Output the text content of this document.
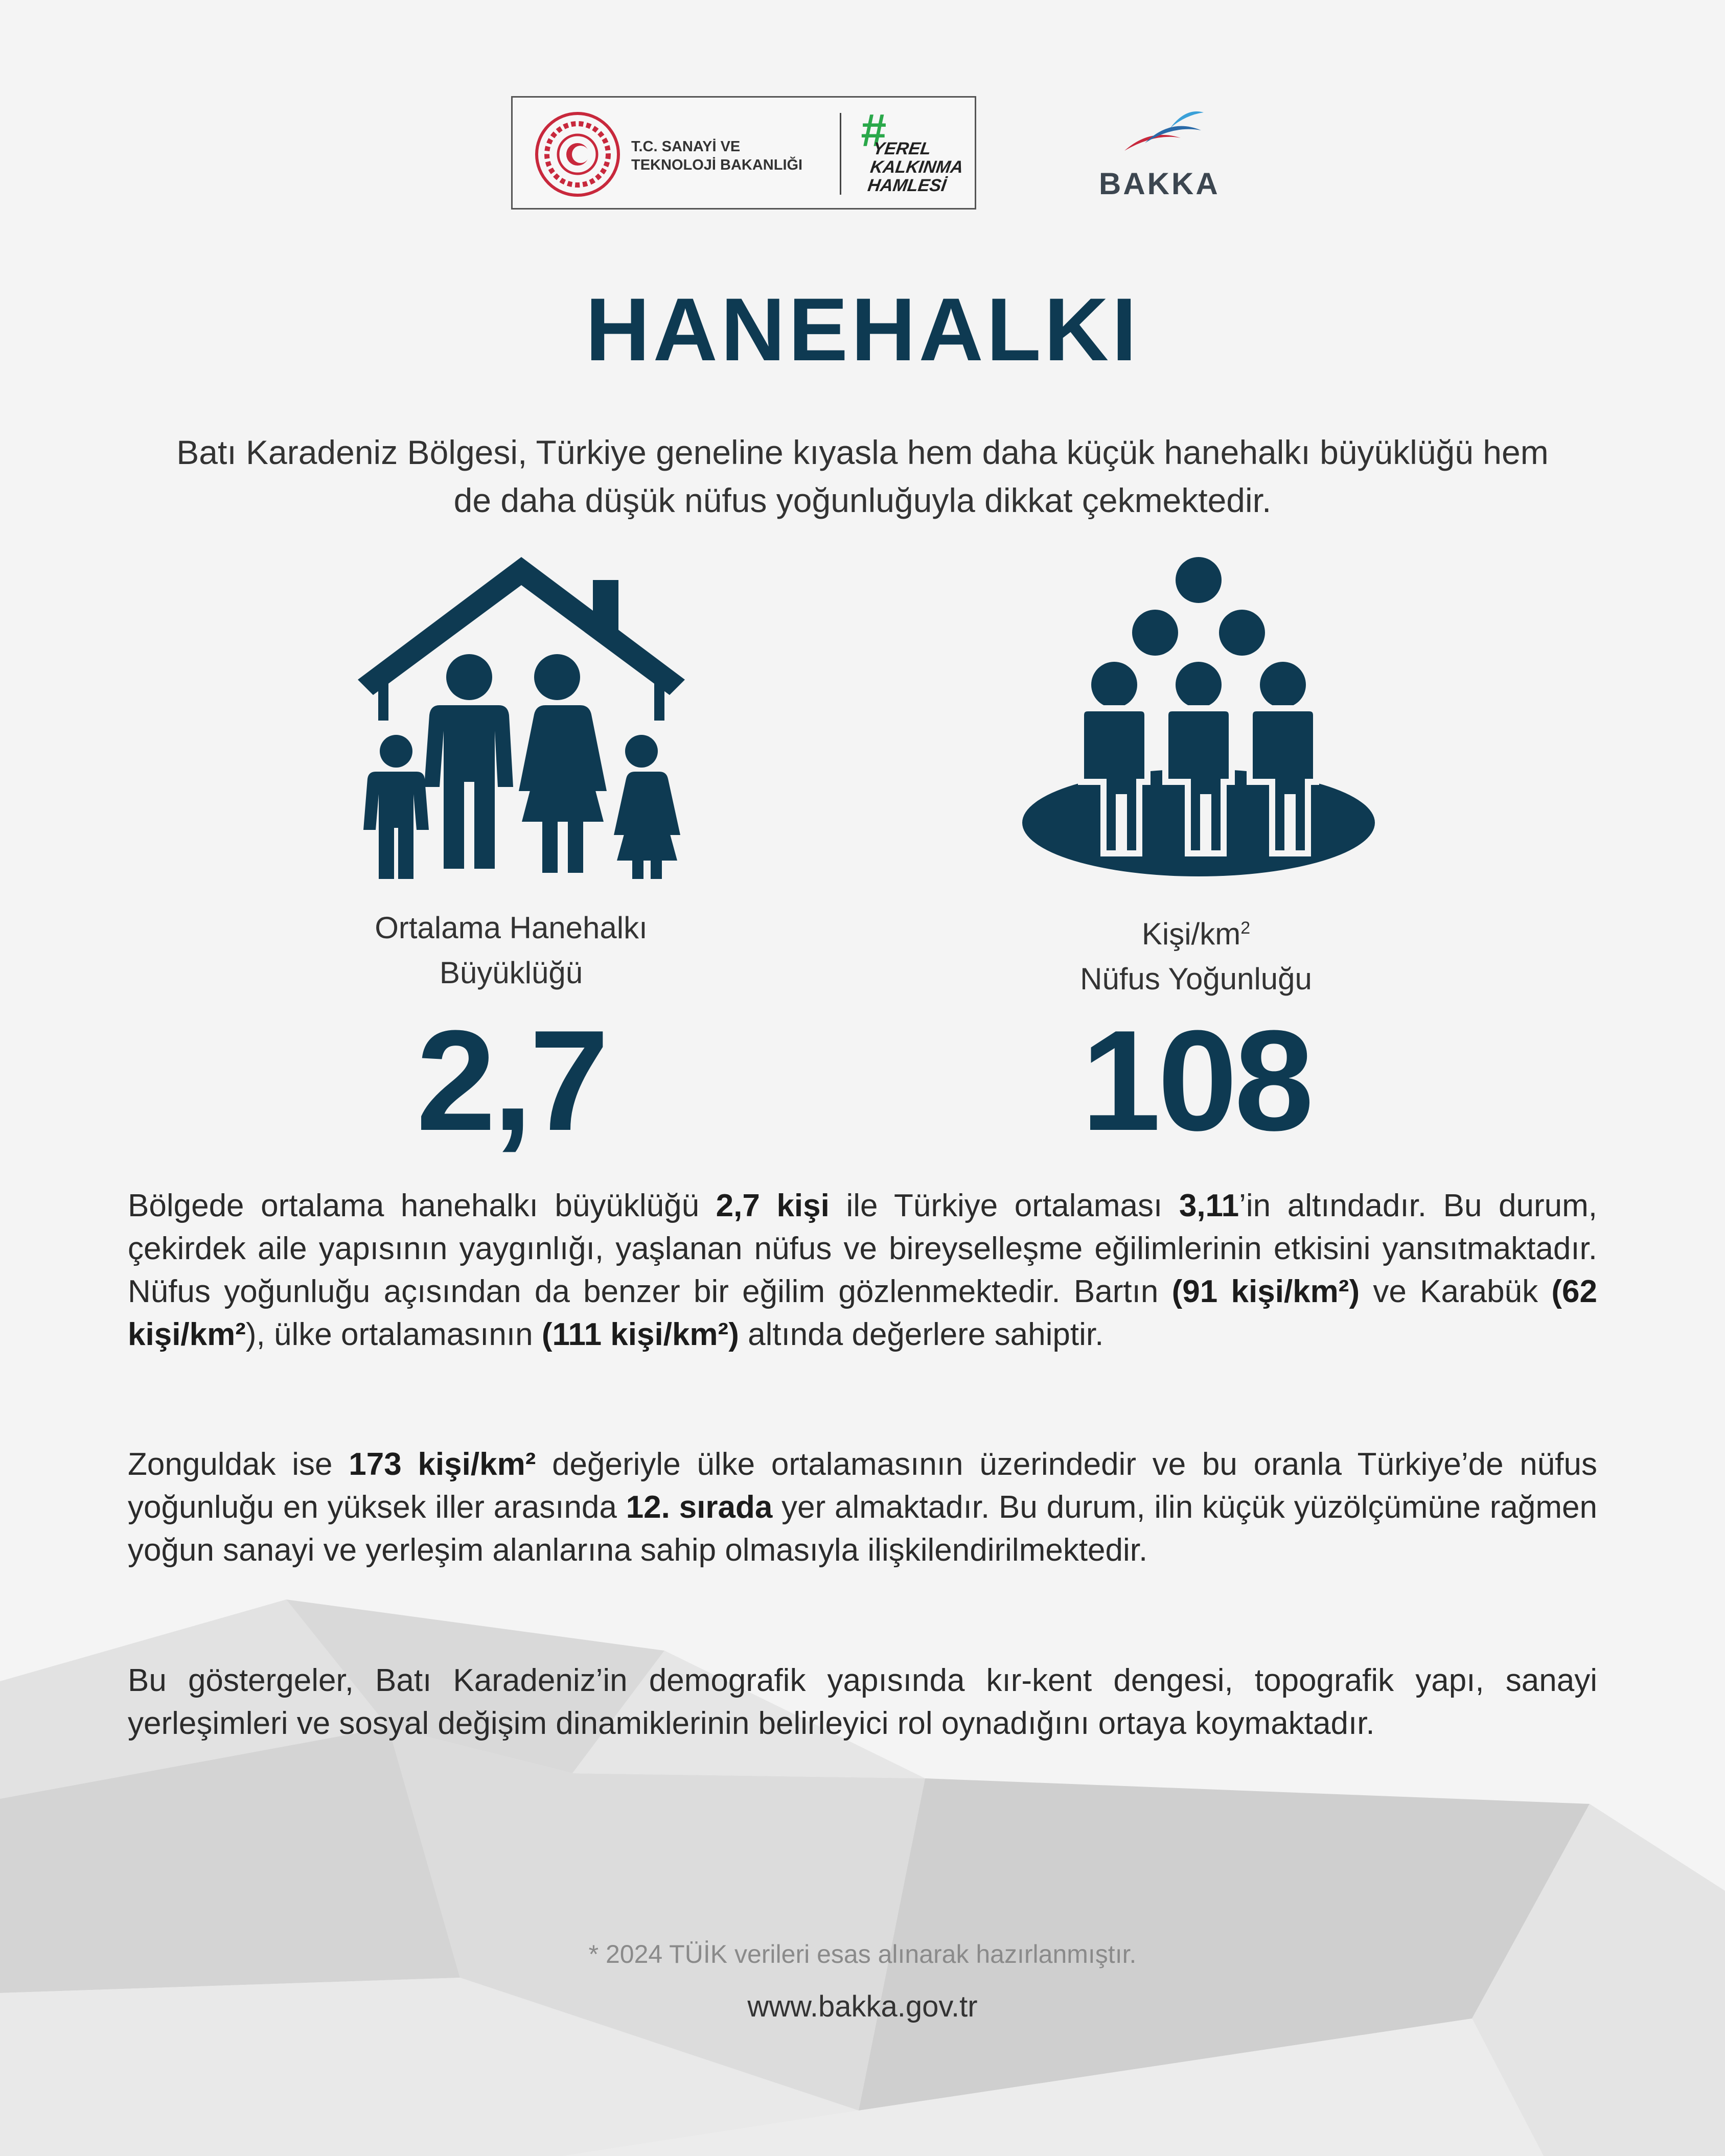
T.C. SANAYİ VE
TEKNOLOJİ BAKANLIĞI
#
YEREL
KALKINMA
HAMLESİ	BAKKA
HANEHALKI
Batı Karadeniz Bölgesi, Türkiye geneline kıyasla hem daha küçük hanehalkı büyüklüğü hem de daha düşük nüfus yoğunluğuyla dikkat çekmektedir.
Ortalama Hanehalkı
Büyüklüğü
2,7
Kişi/$km^2$
Nüfus Yoğunluğu
108
Bölgede ortalama hanehalkı büyüklüğü 2,7 kişi ile Türkiye ortalaması 3,11’in altındadır. Bu durum, çekirdek aile yapısının yaygınlığı, yaşlanan nüfus ve bireyselleşme eğilimlerinin etkisini yansıtmaktadır. Nüfus yoğunluğu açısından da benzer bir eğilim gözlenmektedir. Bartın (91 kişi/km²) ve Karabük (62 kişi/km²), ülke ortalamasının (111 kişi/km²) altında değerlere sahiptir.
Zonguldak ise 173 kişi/km² değeriyle ülke ortalamasının üzerindedir ve bu oranla Türkiye’de nüfus yoğunluğu en yüksek iller arasında 12. sırada yer almaktadır. Bu durum, ilin küçük yüzölçümüne rağmen yoğun sanayi ve yerleşim alanlarına sahip olmasıyla ilişkilendirilmektedir.
Bu göstergeler, Batı Karadeniz’in demografik yapısında kır-kent dengesi, topografik yapı, sanayi yerleşimleri ve sosyal değişim dinamiklerinin belirleyici rol oynadığını ortaya koymaktadır.
* 2024 TÜİK verileri esas alınarak hazırlanmıştır.
www.bakka.gov.tr
